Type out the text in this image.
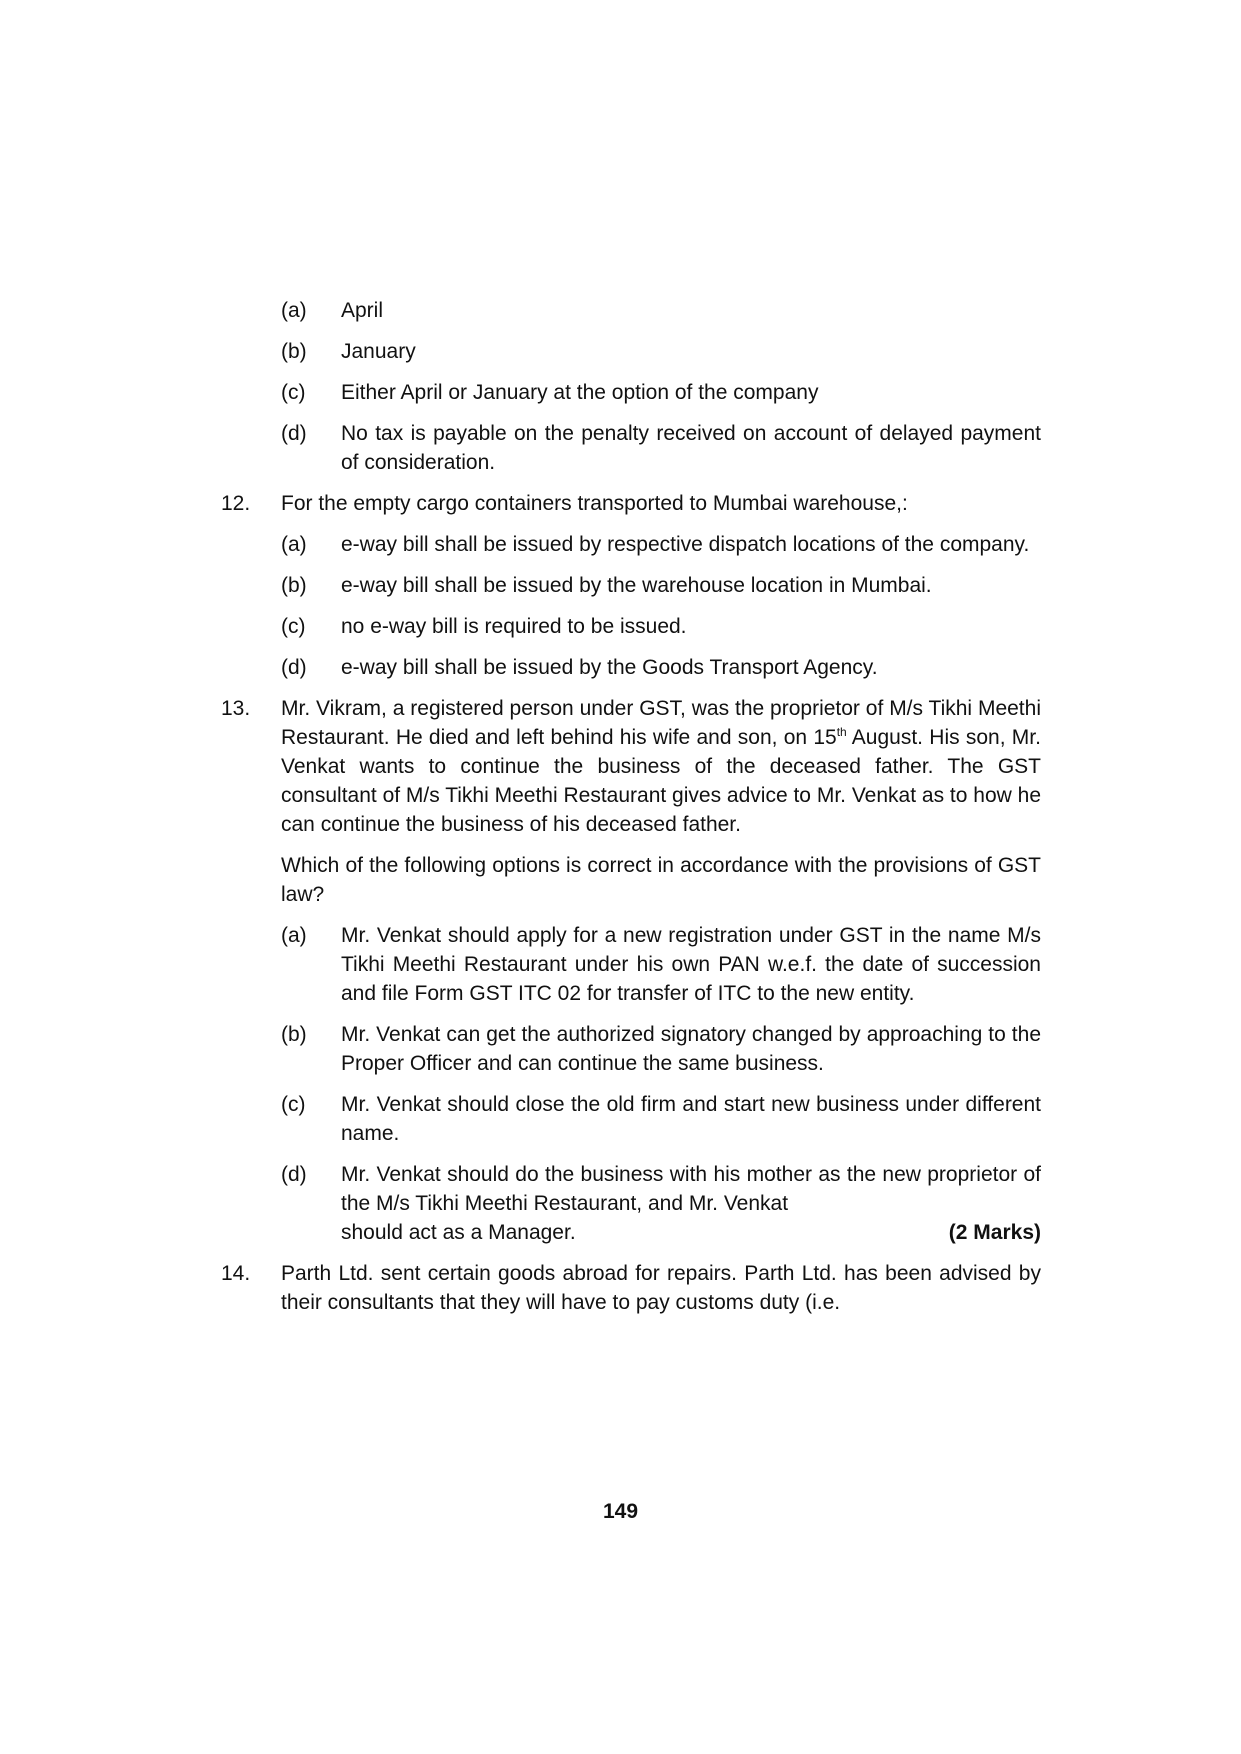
(a)	April
(b)	January
(c)	Either April or January at the option of the company
(d)	No tax is payable on the penalty received on account of delayed payment of consideration.
12.	For the empty cargo containers transported to Mumbai warehouse,:
(a)	e-way bill shall be issued by respective dispatch locations of the company.
(b)	e-way bill shall be issued by the warehouse location in Mumbai.
(c)	no e-way bill is required to be issued.
(d)	e-way bill shall be issued by the Goods Transport Agency.
13.	Mr. Vikram, a registered person under GST, was the proprietor of M/s Tikhi Meethi Restaurant. He died and left behind his wife and son, on 15th August. His son, Mr. Venkat wants to continue the business of the deceased father. The GST consultant of M/s Tikhi Meethi Restaurant gives advice to Mr. Venkat as to how he can continue the business of his deceased father.
Which of the following options is correct in accordance with the provisions of GST law?
(a)	Mr. Venkat should apply for a new registration under GST in the name M/s Tikhi Meethi Restaurant under his own PAN w.e.f. the date of succession and file Form GST ITC 02 for transfer of ITC to the new entity.
(b)	Mr. Venkat can get the authorized signatory changed by approaching to the Proper Officer and can continue the same business.
(c)	Mr. Venkat should close the old firm and start new business under different name.
(d)	Mr. Venkat should do the business with his mother as the new proprietor of the M/s Tikhi Meethi Restaurant, and Mr. Venkat
should act as a Manager.	(2 Marks)
14.	Parth Ltd. sent certain goods abroad for repairs. Parth Ltd. has been advised by their consultants that they will have to pay customs duty (i.e.
149
